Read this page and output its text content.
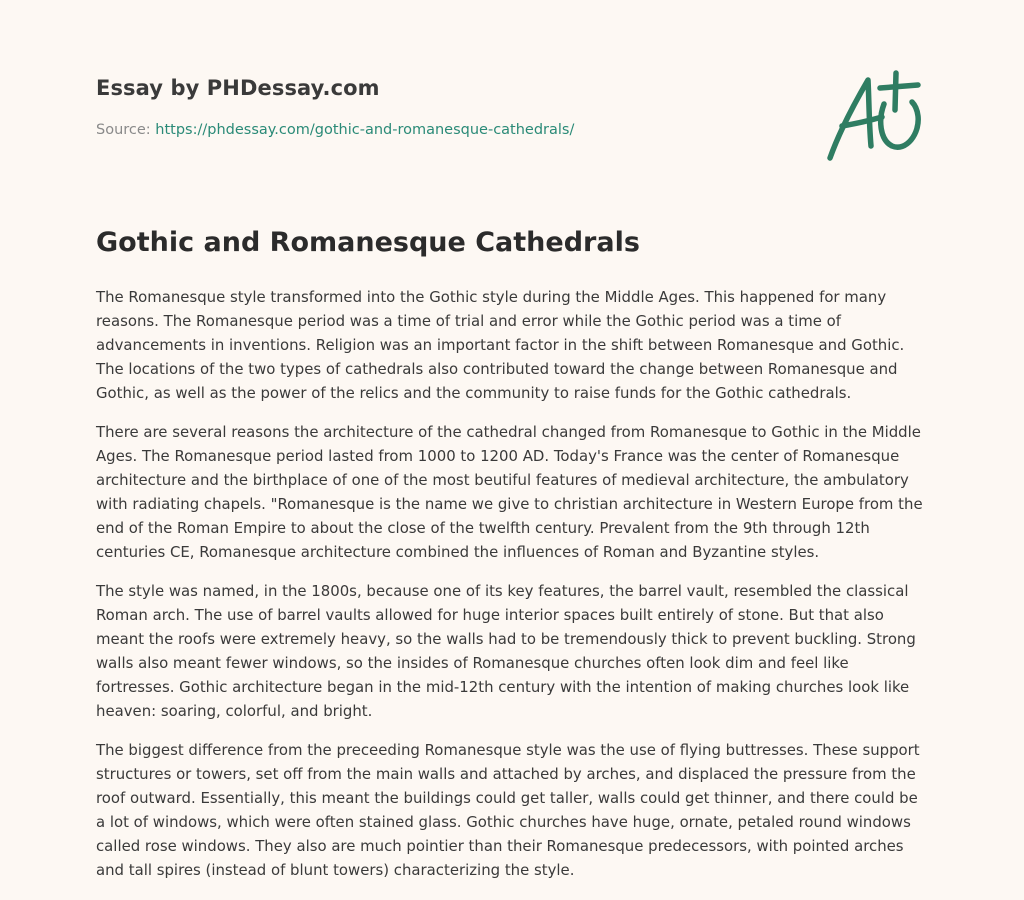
Essay by PHDessay.com

Source: https://phdessay.com/gothic-and-romanesque-cathedrals/
Gothic and Romanesque Cathedrals

The Romanesque style transformed into the Gothic style during the Middle Ages. This happened for many reasons. The Romanesque period was a time of trial and error while the Gothic period was a time of advancements in inventions. Religion was an important factor in the shift between Romanesque and Gothic. The locations of the two types of cathedrals also contributed toward the change between Romanesque and Gothic, as well as the power of the relics and the community to raise funds for the Gothic cathedrals.

There are several reasons the architecture of the cathedral changed from Romanesque to Gothic in the Middle Ages. The Romanesque period lasted from 1000 to 1200 AD. Today's France was the center of Romanesque architecture and the birthplace of one of the most beutiful features of medieval architecture, the ambulatory with radiating chapels. "Romanesque is the name we give to christian architecture in Western Europe from the end of the Roman Empire to about the close of the twelfth century. Prevalent from the 9th through 12th centuries CE, Romanesque architecture combined the influences of Roman and Byzantine styles.

The style was named, in the 1800s, because one of its key features, the barrel vault, resembled the classical Roman arch. The use of barrel vaults allowed for huge interior spaces built entirely of stone. But that also meant the roofs were extremely heavy, so the walls had to be tremendously thick to prevent buckling. Strong walls also meant fewer windows, so the insides of Romanesque churches often look dim and feel like fortresses. Gothic architecture began in the mid-12th century with the intention of making churches look like heaven: soaring, colorful, and bright.

The biggest difference from the preceeding Romanesque style was the use of flying buttresses. These support structures or towers, set off from the main walls and attached by arches, and displaced the pressure from the roof outward. Essentially, this meant the buildings could get taller, walls could get thinner, and there could be a lot of windows, which were often stained glass. Gothic churches have huge, ornate, petaled round windows called rose windows. They also are much pointier than their Romanesque predecessors, with pointed arches and tall spires (instead of blunt towers) characterizing the style.
